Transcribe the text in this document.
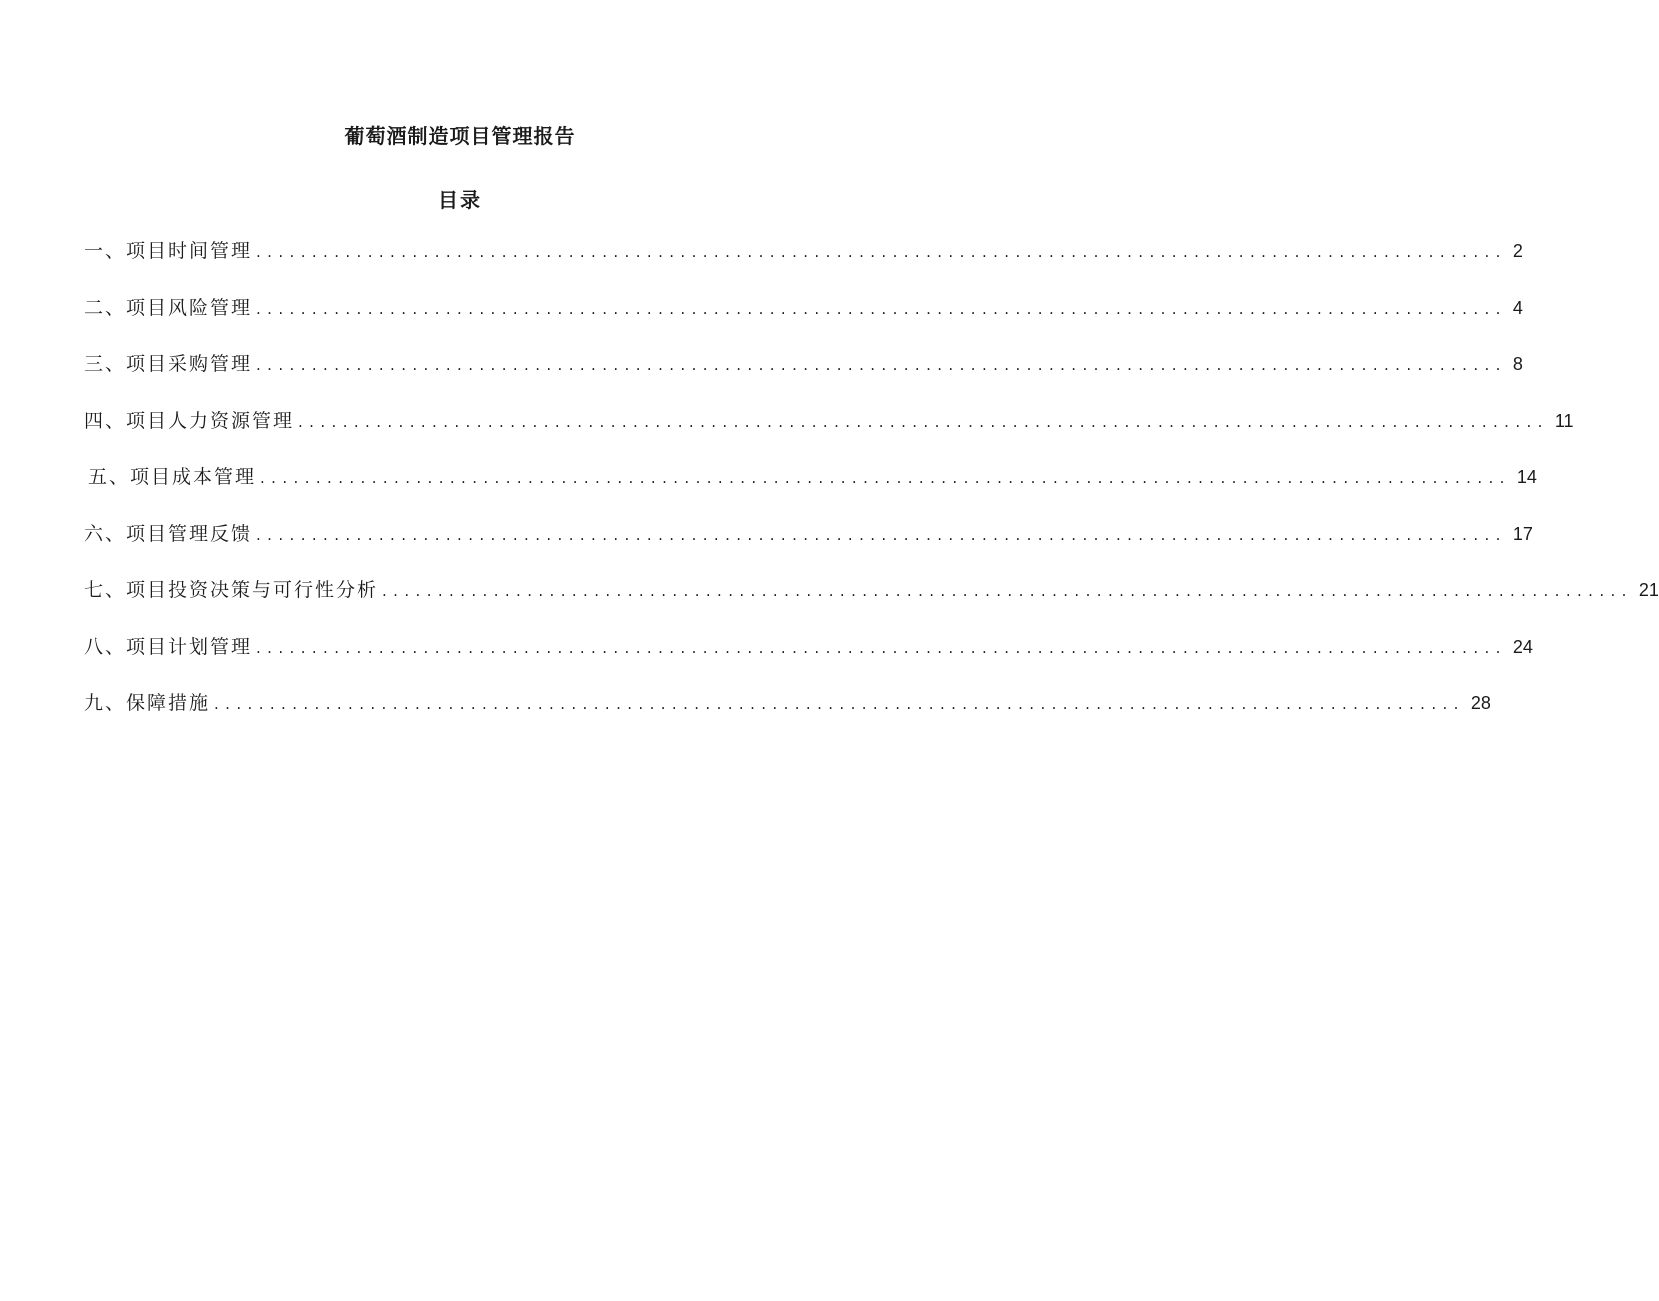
葡萄酒制造项目管理报告
目录
一、项目时间管理 ................................................................................................................ 2
二、项目风险管理 ................................................................................................................ 4
三、项目采购管理 ................................................................................................................ 8
四、项目人力资源管理 ................................................................................................................ 11
五、项目成本管理 ................................................................................................................ 14
六、项目管理反馈 ................................................................................................................ 17
七、项目投资决策与可行性分析 ................................................................................................................ 21
八、项目计划管理 ................................................................................................................ 24
九、保障措施 ................................................................................................................ 28
